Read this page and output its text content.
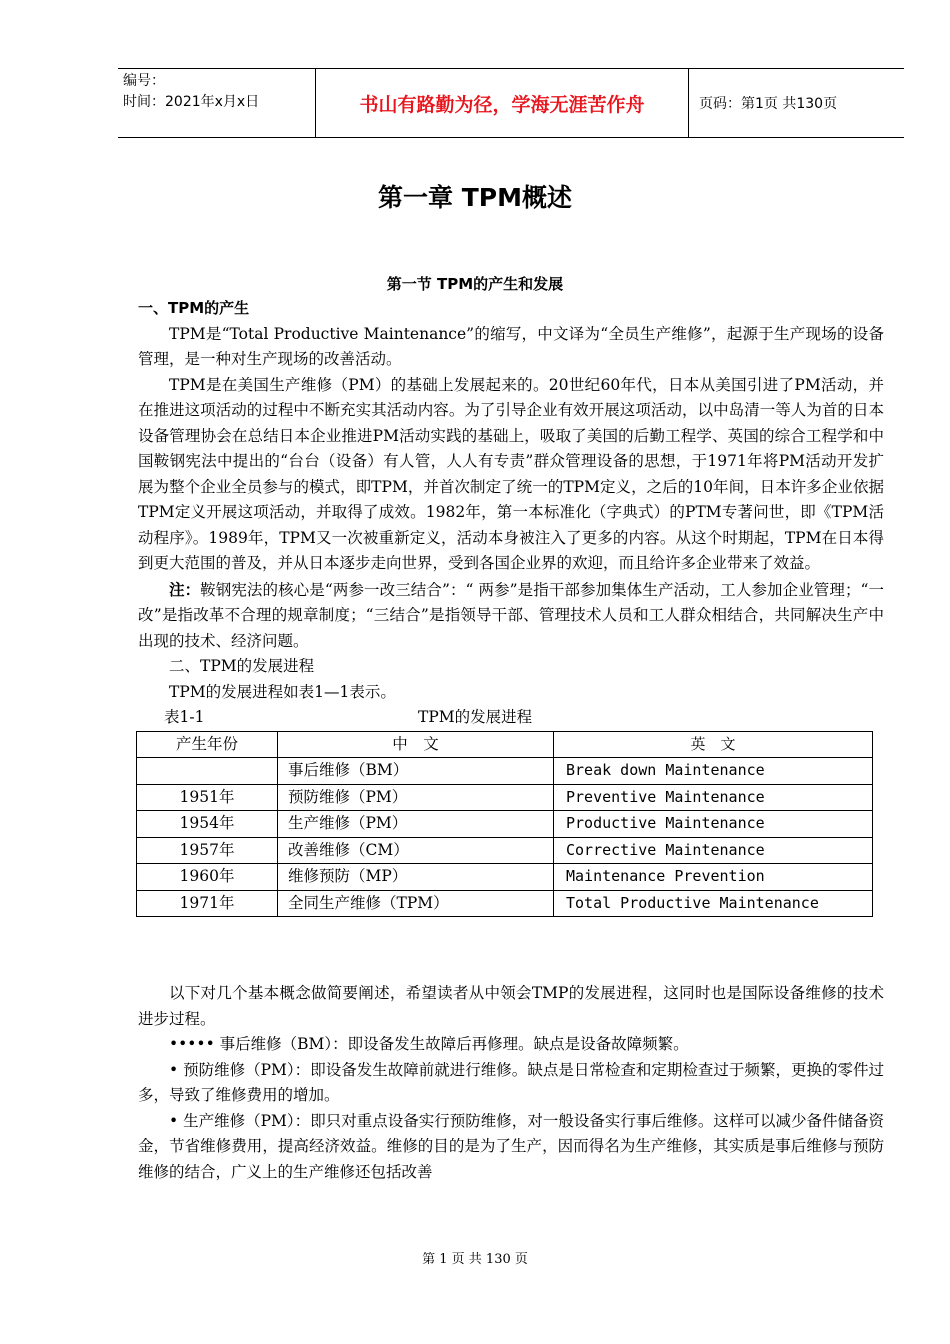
编号：
时间：2021年x月x日	书山有路勤为径，学海无涯苦作舟	页码：第1页 共130页
第一章 TPM概述
第一节 TPM的产生和发展
一、TPM的产生

TPM是“Total Productive Maintenance”的缩写，中文译为“全员生产维修”，起源于生产现场的设备管理，是一种对生产现场的改善活动。

TPM是在美国生产维修（PM）的基础上发展起来的。20世纪60年代，日本从美国引进了PM活动，并在推进这项活动的过程中不断充实其活动内容。为了引导企业有效开展这项活动，以中岛清一等人为首的日本设备管理协会在总结日本企业推进PM活动实践的基础上，吸取了美国的后勤工程学、英国的综合工程学和中国鞍钢宪法中提出的“台台（设备）有人管，人人有专责”群众管理设备的思想，于1971年将PM活动开发扩展为整个企业全员参与的模式，即TPM，并首次制定了统一的TPM定义，之后的10年间，日本许多企业依据TPM定义开展这项活动，并取得了成效。1982年，第一本标准化（字典式）的PTM专著问世，即《TPM活动程序》。1989年，TPM又一次被重新定义，活动本身被注入了更多的内容。从这个时期起，TPM在日本得到更大范围的普及，并从日本逐步走向世界，受到各国企业界的欢迎，而且给许多企业带来了效益。

注：鞍钢宪法的核心是“两参一改三结合”：“ 两参”是指干部参加集体生产活动，工人参加企业管理；“一改”是指改革不合理的规章制度；“三结合”是指领导干部、管理技术人员和工人群众相结合，共同解决生产中出现的技术、经济问题。

二、TPM的发展进程

TPM的发展进程如表1—1表示。

表1-1	TPM的发展进程
产生年份	中　文	英　文
	事后维修（BM）	Break down Maintenance
1951年	预防维修（PM）	Preventive Maintenance
1954年	生产维修（PM）	Productive Maintenance
1957年	改善维修（CM）	Corrective Maintenance
1960年	维修预防（MP）	Maintenance Prevention
1971年	全同生产维修（TPM）	Total Productive Maintenance

以下对几个基本概念做简要阐述，希望读者从中领会TMP的发展进程，这同时也是国际设备维修的技术进步过程。

••••• 事后维修（BM）：即设备发生故障后再修理。缺点是设备故障频繁。

• 预防维修（PM）：即设备发生故障前就进行维修。缺点是日常检查和定期检查过于频繁，更换的零件过多，导致了维修费用的增加。

• 生产维修（PM）：即只对重点设备实行预防维修，对一般设备实行事后维修。这样可以减少备件储备资金，节省维修费用，提高经济效益。维修的目的是为了生产，因而得名为生产维修，其实质是事后维修与预防维修的结合，广义上的生产维修还包括改善

第 1 页 共 130 页
